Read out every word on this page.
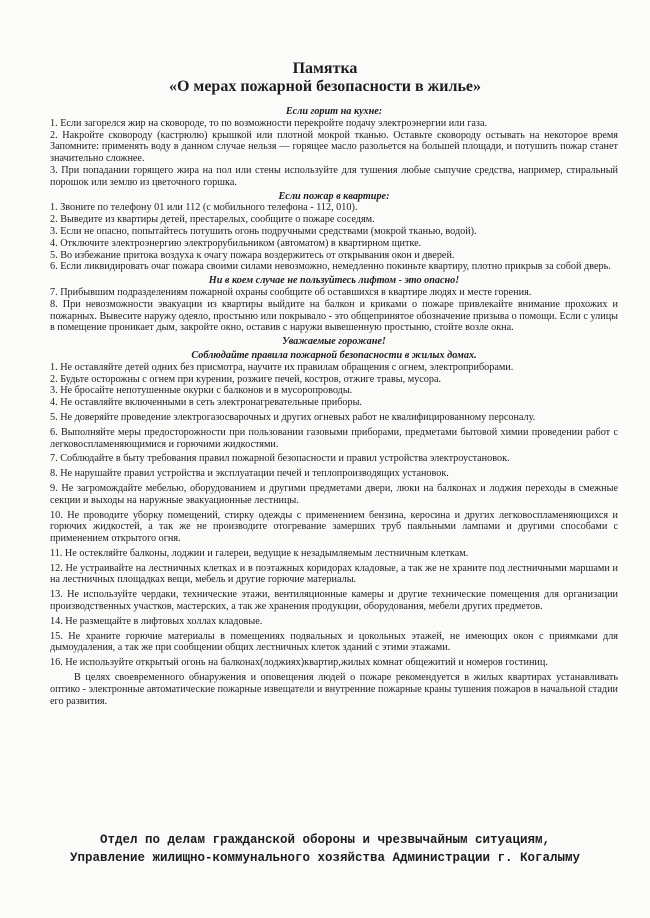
Памятка
«О мерах пожарной безопасности в жилье»
Если горит на кухне:
1. Если загорелся жир на сковороде, то по возможности перекройте подачу электроэнергии или газа.
2. Накройте сковороду (кастрюлю) крышкой или плотной мокрой тканью. Оставьте сковороду остывать на некоторое время Запомните: применять воду в данном случае нельзя — горящее масло разольется на большей площади, и потушить пожар станет значительно сложнее.
3. При попадании горящего жира на пол или стены используйте для тушения любые сыпучие средства, например, стиральный порошок или землю из цветочного горшка.
Если пожар в квартире:
1. Звоните по телефону 01 или 112 (с мобильного телефона - 112, 010).
2. Выведите из квартиры детей, престарелых, сообщите о пожаре соседям.
3. Если не опасно, попытайтесь потушить огонь подручными средствами (мокрой тканью, водой).
4. Отключите электроэнергию электрорубильником (автоматом) в квартирном щитке.
5. Во избежание притока воздуха к очагу пожара воздержитесь от открывания окон и дверей.
6. Если ликвидировать очаг пожара своими силами невозможно, немедленно покиньте квартиру, плотно прикрыв за собой дверь.
Ни в коем случае не пользуйтесь лифтом - это опасно!
7. Прибывшим подразделениям пожарной охраны сообщите об оставшихся в квартире людях и месте горения.
8. При невозможности эвакуации из квартиры выйдите на балкон и криками о пожаре привлекайте внимание прохожих и пожарных. Вывесите наружу одеяло, простыню или покрывало - это общепринятое обозначение призыва о помощи. Если с улицы в помещение проникает дым, закройте окно, оставив с наружи вывешенную простыню, стойте возле окна.
Уважаемые горожане!
Соблюдайте правила пожарной безопасности в жилых домах.
1. Не оставляйте детей одних без присмотра, научите их правилам обращения с огнем, электроприборами.
2. Будьте осторожны с огнем при курении, розжиге печей, костров, отжиге травы, мусора.
3. Не бросайте непотушенные окурки с балконов и в мусоропроводы.
4. Не оставляйте включенными в сеть электронагревательные приборы.
5. Не доверяйте проведение электрогазосварочных и других огневых работ не квалифицированному персоналу.
6. Выполняйте меры предосторожности при пользовании газовыми приборами, предметами бытовой химии проведении работ с легковоспламеняющимися и горючими жидкостями.
7. Соблюдайте в быту требования правил пожарной безопасности и правил устройства электроустановок.
8. Не нарушайте правил устройства и эксплуатации печей и теплопроизводящих установок.
9. Не загромождайте мебелью, оборудованием и другими предметами двери, люки на балконах и лоджия переходы в смежные секции и выходы на наружные эвакуационные лестницы.
10. Не проводите уборку помещений, стирку одежды с применением бензина, керосина и других легковоспламеняющихся и горючих жидкостей, а так же не производите отогревание замерших труб паяльными лампами и другими способами с применением открытого огня.
11. Не остекляйте балконы, лоджии и галереи, ведущие к незадымляемым лестничным клеткам.
12. Не устраивайте на лестничных клетках и в поэтажных коридорах кладовые, а так же не храните под лестничными маршами и на лестничных площадках вещи, мебель и другие горючие материалы.
13. Не используйте чердаки, технические этажи, вентиляционные камеры и другие технические помещения для организации производственных участков, мастерских, а так же хранения продукции, оборудования, мебели других предметов.
14. Не размещайте в лифтовых холлах кладовые.
15. Не храните горючие материалы в помещениях подвальных и цокольных этажей, не имеющих окон с приямками для дымоудаления, а так же при сообщении общих лестничных клеток зданий с этими этажами.
16. Не используйте открытый огонь на балконах(лоджиях)квартир,жилых комнат общежитий и номеров гостиниц.
В целях своевременного обнаружения и оповещения людей о пожаре рекомендуется в жилых квартирах устанавливать оптико - электронные автоматические пожарные извещатели и внутренние пожарные краны тушения пожаров в начальной стадии его развития.
Отдел по делам гражданской обороны и чрезвычайным ситуациям,
Управление жилищно-коммунального хозяйства Администрации г. Когалыму
